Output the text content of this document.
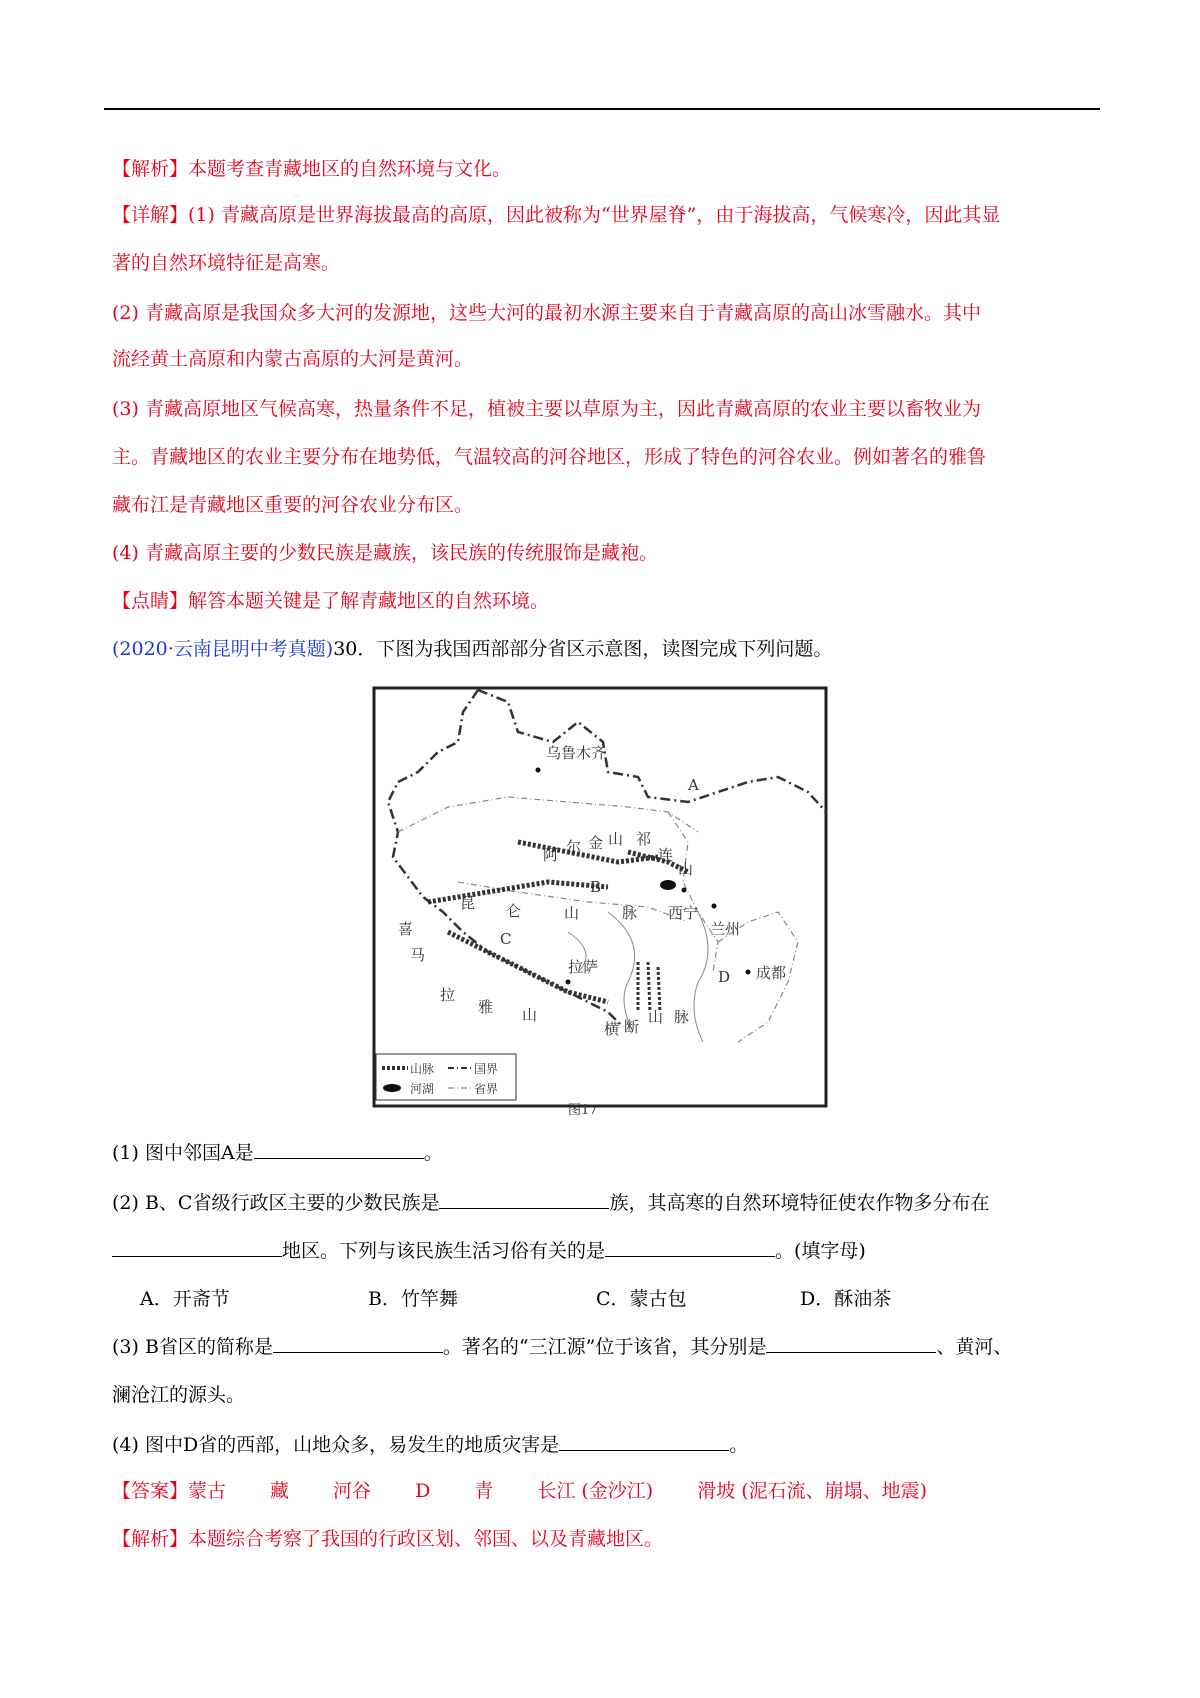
【解析】本题考查青藏地区的自然环境与文化。
【详解】(1) 青藏高原是世界海拔最高的高原，因此被称为“世界屋脊”，由于海拔高，气候寒冷，因此其显
著的自然环境特征是高寒。
(2) 青藏高原是我国众多大河的发源地，这些大河的最初水源主要来自于青藏高原的高山冰雪融水。其中
流经黄土高原和内蒙古高原的大河是黄河。
(3) 青藏高原地区气候高寒，热量条件不足，植被主要以草原为主，因此青藏高原的农业主要以畜牧业为
主。青藏地区的农业主要分布在地势低，气温较高的河谷地区，形成了特色的河谷农业。例如著名的雅鲁
藏布江是青藏地区重要的河谷农业分布区。
(4) 青藏高原主要的少数民族是藏族，该民族的传统服饰是藏袍。
【点睛】解答本题关键是了解青藏地区的自然环境。
(2020·云南昆明中考真题)30．下图为我国西部部分省区示意图，读图完成下列问题。
乌鲁木齐
A
B
C
D
西宁
兰州
成都
拉萨
阿 尔 金 山 祁
连
山
昆 仑	山	脉
喜
马
拉
雅 山
横 断
山 脉
山脉	国界
河湖	省界
图17
(1) 图中邻国A是	。
(2) B、C省级行政区主要的少数民族是	族，其高寒的自然环境特征使农作物多分布在
地区。下列与该民族生活习俗有关的是	。(填字母)
A．开斋节	B．竹竿舞	C．蒙古包	D．酥油茶
(3) B省区的简称是	。著名的“三江源”位于该省，其分别是	、黄河、
澜沧江的源头。
(4) 图中D省的西部，山地众多，易发生的地质灾害是	。
【答案】蒙古 藏 河谷 D 青 长江 (金沙江) 滑坡 (泥石流、崩塌、地震)
【解析】本题综合考察了我国的行政区划、邻国、以及青藏地区。
